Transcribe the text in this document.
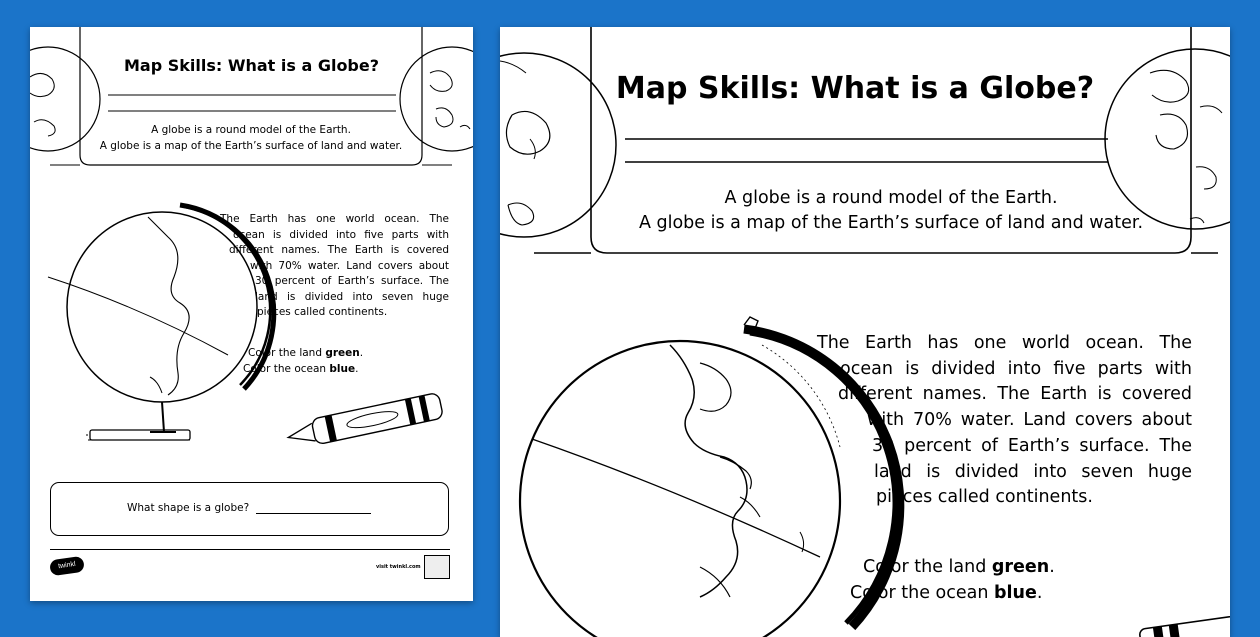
Map Skills: What is a Globe?
A globe is a round model of the Earth.
A globe is a map of the Earth’s surface of land and water.
The Earth has one world ocean. The
ocean is divided into five parts with
different names. The Earth is covered
with 70% water. Land covers about
30 percent of Earth’s surface. The
land is divided into seven huge
pieces called continents.
Color the land green.
Color the ocean blue.
What shape is a globe?
twinkl	visit twinkl.com
Map Skills: What is a Globe?
A globe is a round model of the Earth.
A globe is a map of the Earth’s surface of land and water.
The Earth has one world ocean. The
ocean is divided into five parts with
different names. The Earth is covered
with 70% water. Land covers about
30 percent of Earth’s surface. The
land is divided into seven huge
pieces called continents.
Color the land green.
Color the ocean blue.
